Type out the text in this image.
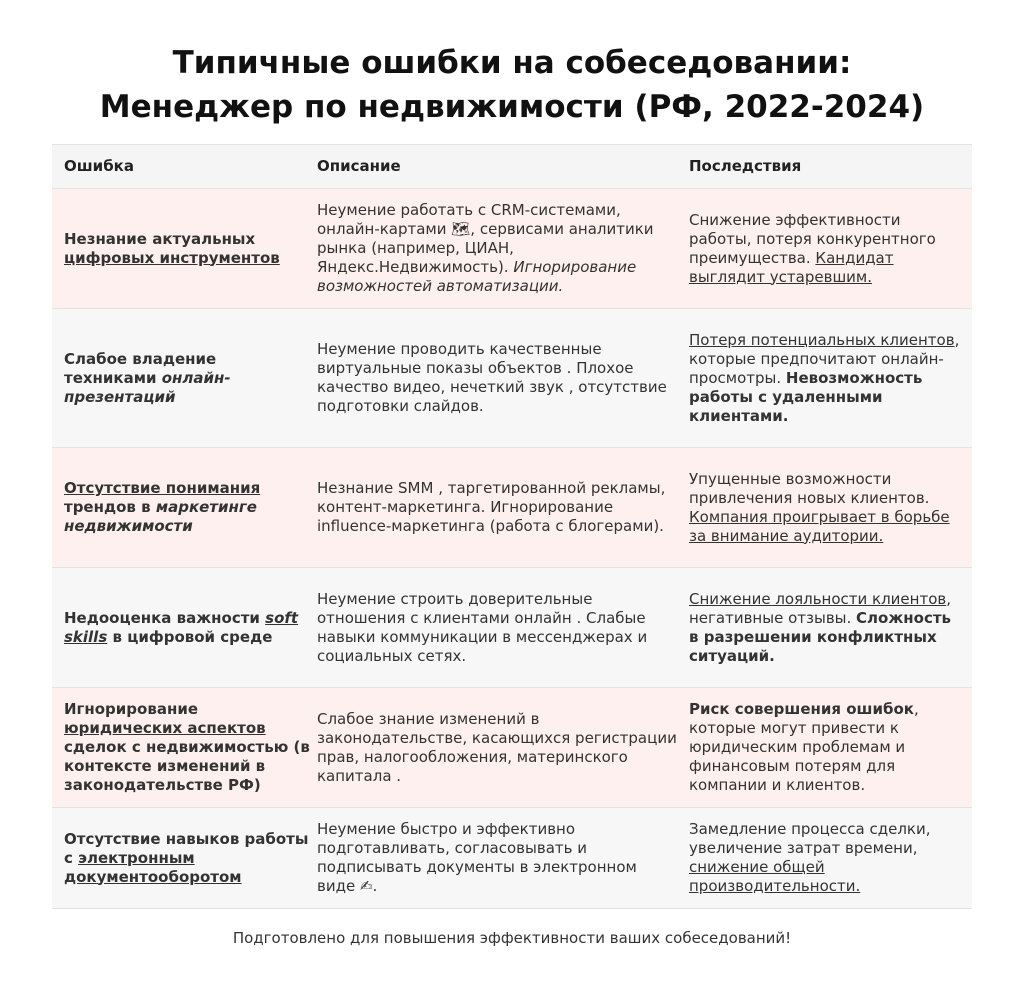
Типичные ошибки на собеседовании:
Менеджер по недвижимости (РФ, 2022-2024)
Ошибка	Описание	Последствия
Незнание актуальных цифровых инструментов
Неумение работать с CRM-системами, онлайн-картами 🗺, сервисами аналитики рынка (например, ЦИАН, Яндекс.Недвижимость). Игнорирование возможностей автоматизации.
Снижение эффективности работы, потеря конкурентного преимущества. Кандидат выглядит устаревшим.
Слабое владение техниками онлайн-презентаций
Неумение проводить качественные виртуальные показы объектов . Плохое качество видео, нечеткий звук , отсутствие подготовки слайдов.
Потеря потенциальных клиентов, которые предпочитают онлайн-просмотры. Невозможность работы с удаленными клиентами.
Отсутствие понимания трендов в маркетинге недвижимости
Незнание SMM , таргетированной рекламы, контент-маркетинга. Игнорирование influence-маркетинга (работа с блогерами).
Упущенные возможности привлечения новых клиентов. Компания проигрывает в борьбе за внимание аудитории.
Недооценка важности soft skills в цифровой среде
Неумение строить доверительные отношения с клиентами онлайн . Слабые навыки коммуникации в мессенджерах и социальных сетях.
Снижение лояльности клиентов, негативные отзывы. Сложность в разрешении конфликтных ситуаций.
Игнорирование юридических аспектов сделок с недвижимостью (в контексте изменений в законодательстве РФ)
Слабое знание изменений в законодательстве, касающихся регистрации прав, налогообложения, материнского капитала .
Риск совершения ошибок, которые могут привести к юридическим проблемам и финансовым потерям для компании и клиентов.
Отсутствие навыков работы с электронным документооборотом
Неумение быстро и эффективно подготавливать, согласовывать и подписывать документы в электронном виде ✍.
Замедление процесса сделки, увеличение затрат времени, снижение общей производительности.
Подготовлено для повышения эффективности ваших собеседований!
